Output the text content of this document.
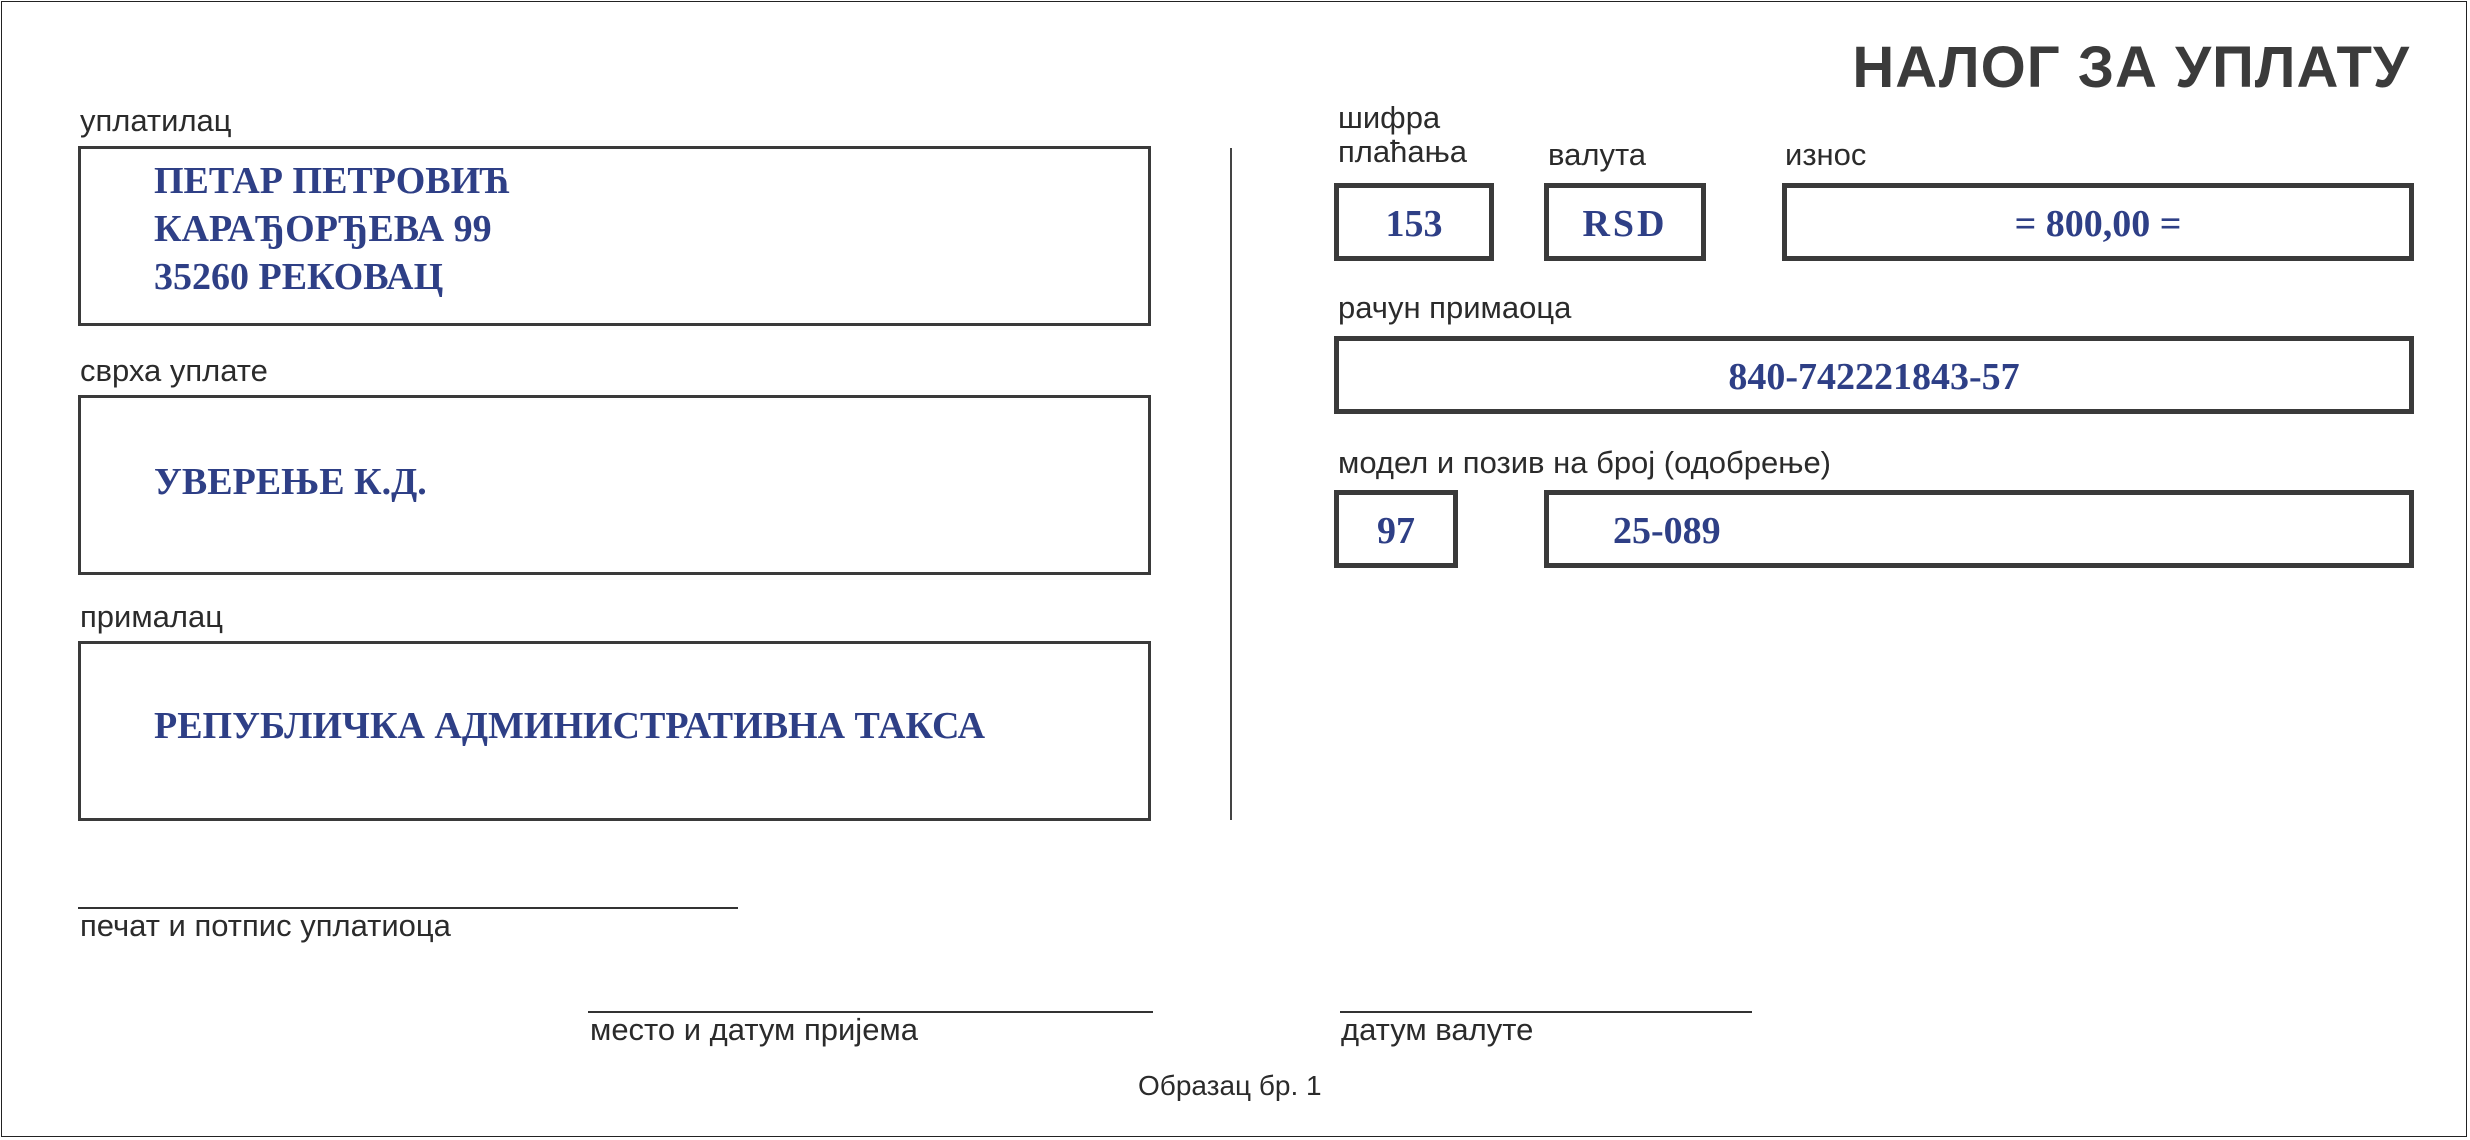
НАЛОГ ЗА УПЛАТУ
уплатилац
ПЕТАР ПЕТРОВИЋ
КАРАЂОРЂЕВА 99
35260 РЕКОВАЦ
сврха уплате
УВЕРЕЊЕ К.Д.
прималац
РЕПУБЛИЧКА АДМИНИСТРАТИВНА ТАКСА
печат и потпис уплатиоца
шифра
плаћања	валута	износ
153	RSD	= 800,00 =
рачун примаоца
840-742221843-57
модел и позив на број (одобрење)
97	25-089
место и датум пријема	датум валуте
Образац бр. 1
